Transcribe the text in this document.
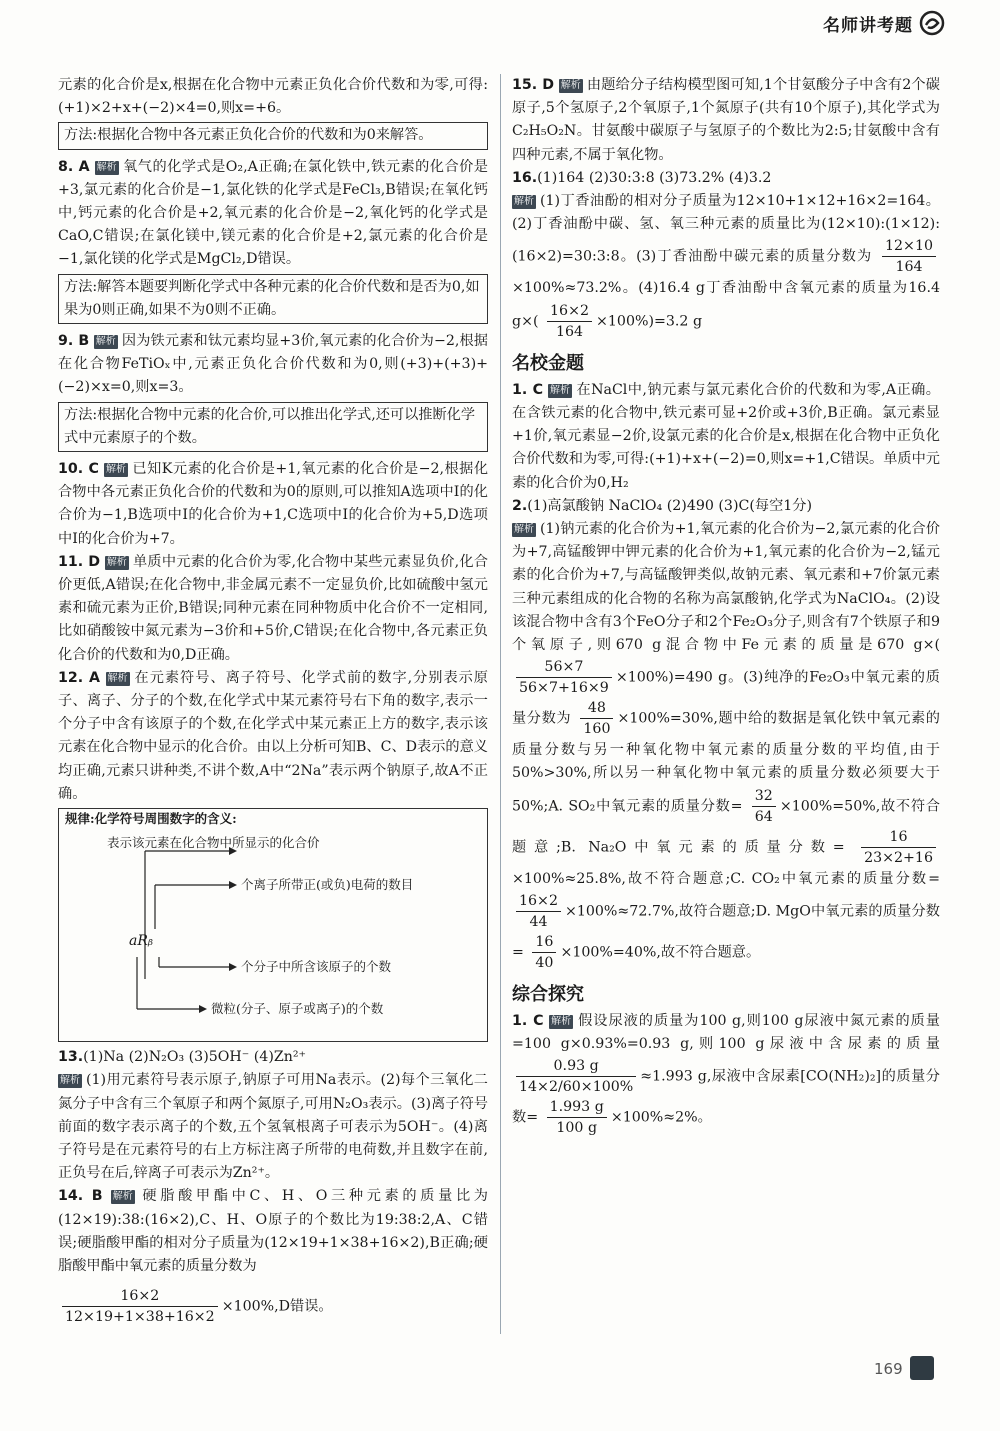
名师讲考题

元素的化合价是x,根据在化合物中元素正负化合价代数和为零,可得:(+1)×2+x+(−2)×4=0,则x=+6。

方法:根据化合物中各元素正负化合价的代数和为0来解答。

8. A 解析 氧气的化学式是O₂,A正确;在氯化铁中,铁元素的化合价是+3,氯元素的化合价是−1,氯化铁的化学式是FeCl₃,B错误;在氧化钙中,钙元素的化合价是+2,氧元素的化合价是−2,氧化钙的化学式是CaO,C错误;在氯化镁中,镁元素的化合价是+2,氯元素的化合价是−1,氯化镁的化学式是MgCl₂,D错误。

方法:解答本题要判断化学式中各种元素的化合价代数和是否为0,如果为0则正确,如果不为0则不正确。

9. B 解析 因为铁元素和钛元素均显+3价,氧元素的化合价为−2,根据在化合物FeTiOₓ中,元素正负化合价代数和为0,则(+3)+(+3)+(−2)×x=0,则x=3。

方法:根据化合物中元素的化合价,可以推出化学式,还可以推断化学式中元素原子的个数。

10. C 解析 已知K元素的化合价是+1,氧元素的化合价是−2,根据化合物中各元素正负化合价的代数和为0的原则,可以推知A选项中I的化合价为−1,B选项中I的化合价为+1,C选项中I的化合价为+5,D选项中I的化合价为+7。

11. D 解析 单质中元素的化合价为零,化合物中某些元素显负价,化合价更低,A错误;在化合物中,非金属元素不一定显负价,比如硫酸中氢元素和硫元素为正价,B错误;同种元素在同种物质中化合价不一定相同,比如硝酸铵中氮元素为−3价和+5价,C错误;在化合物中,各元素正负化合价的代数和为0,D正确。

12. A 解析 在元素符号、离子符号、化学式前的数字,分别表示原子、离子、分子的个数,在化学式中某元素符号右下角的数字,表示一个分子中含有该原子的个数,在化学式中某元素正上方的数字,表示该元素在化合物中显示的化合价。由以上分析可知B、C、D表示的意义均正确,元素只讲种类,不讲个数,A中“2Na”表示两个钠原子,故A不正确。

规律:化学符号周围数字的含义:
表示该元素在化合物中所显示的化合价
个离子所带正(或负)电荷的数目
aRᵦ
个分子中所含该原子的个数
微粒(分子、原子或离子)的个数

13.(1)Na (2)N₂O₃ (3)5OH⁻ (4)Zn²⁺

解析 (1)用元素符号表示原子,钠原子可用Na表示。(2)每个三氧化二氮分子中含有三个氧原子和两个氮原子,可用N₂O₃表示。(3)离子符号前面的数字表示离子的个数,五个氢氧根离子可表示为5OH⁻。(4)离子符号是在元素符号的右上方标注离子所带的电荷数,并且数字在前,正负号在后,锌离子可表示为Zn²⁺。

14. B 解析 硬脂酸甲酯中C、H、O三种元素的质量比为(12×19):38:(16×2),C、H、O原子的个数比为19:38:2,A、C错误;硬脂酸甲酯的相对分子质量为(12×19+1×38+16×2),B正确;硬脂酸甲酯中氧元素的质量分数为

$\frac{16\times 2}{12\times 19+1\times 38+16\times 2} \times 100\%,D$错误。

15. D 解析 由题给分子结构模型图可知,1个甘氨酸分子中含有2个碳原子,5个氢原子,2个氧原子,1个氮原子(共有10个原子),其化学式为C₂H₅O₂N。甘氨酸中碳原子与氢原子的个数比为2:5;甘氨酸中含有四种元素,不属于氧化物。

16.(1)164 (2)30:3:8 (3)73.2% (4)3.2

解析 (1)丁香油酚的相对分子质量为12×10+1×12+16×2=164。(2)丁香油酚中碳、氢、氧三种元素的质量比为(12×10):(1×12):(16×2)=30:3:8。(3)丁香油酚中碳元素的质量分数为 $\frac{12\times 10}{164}$
×100%≈73.2%。(4)16.4 g丁香油酚中含氧元素的质量为16.4 $g\times( \frac{16\times 2}{164} \times 100\%)=3.2$ g

名校金题

1. C 解析 在NaCl中,钠元素与氯元素化合价的代数和为零,A正确。在含铁元素的化合物中,铁元素可显+2价或+3价,B正确。氯元素显+1价,氧元素显−2价,设氯元素的化合价是x,根据在化合物中正负化合价代数和为零,可得:(+1)+x+(−2)=0,则x=+1,C错误。单质中元素的化合价为0,H₂

2.(1)高氯酸钠 NaClO₄ (2)490 (3)C(每空1分)

解析 (1)钠元素的化合价为+1,氧元素的化合价为−2,氯元素的化合价为+7,高锰酸钾中钾元素的化合价为+1,氧元素的化合价为−2,锰元素的化合价为+7,与高锰酸钾类似,故钠元素、氧元素和+7价氯元素三种元素组成的化合物的名称为高氯酸钠,化学式为NaClO₄。(2)设该混合物中含有3个FeO分子和2个Fe₂O₃分子,则含有7个铁原子和9个氧原子,则670 g混合物中Fe元素的质量是670 g×(
$\frac{56\times 7}{56\times 7+16\times 9} \times 100\%)=490$ g。(3)纯净的Fe₂O₃中氧元素的质量分数为 $\frac{48}{160} \times 100\%=30\%$,题中给的数据是氧化铁中氧元素的质量分数与另一种氧化物中氧元素的质量分数的平均值,由于50%>30%,所以另一种氧化物中氧元素的质量分数必须要大于50%;A. SO₂中氧元素的质量分数= $\frac{32}{64} \times 100\%=50\%$,故不符合题意;B. Na₂O中氧元素的质量分数= $\frac{16}{23\times 2+16}$
×100%≈25.8%,故不符合题意;C. CO₂中氧元素的质量分数=
$\frac{16\times 2}{44} \times 100\%\approx 72.7\%$,故符合题意;D. MgO中氧元素的质量分数= $\frac{16}{40} \times 100\%=40\%$,故不符合题意。

综合探究

1. C 解析 假设尿液的质量为100 g,则100 g尿液中氮元素的质量=100 g×0.93%=0.93 g,则100 g尿液中含尿素的质量
$\frac{0.93 g}{14\times 2/60\times 100\%} \approx 1.993$ g,尿液中含尿素[CO(NH₂)₂]的质量分数= $\frac{1.993 g}{100 g} \times 100\%\approx 2\%$。

169
